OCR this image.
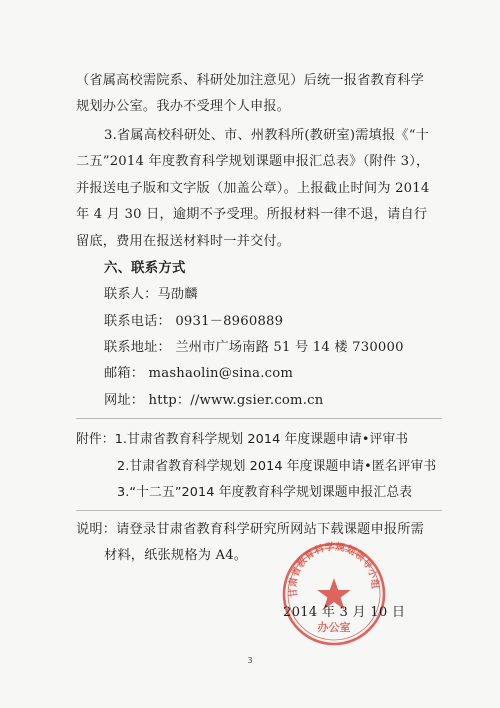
（省属高校需院系、科研处加注意见）后统一报省教育科学
规划办公室。我办不受理个人申报。
3.省属高校科研处、市、州教科所(教研室)需填报《“十
二五”2014 年度教育科学规划课题申报汇总表》（附件 3），
并报送电子版和文字版（加盖公章）。上报截止时间为 2014
年 4 月 30 日，逾期不予受理。所报材料一律不退，请自行
留底，费用在报送材料时一并交付。
六、联系方式
联系人：马劭麟
联系电话： 0931－8960889
联系地址： 兰州市广场南路 51 号 14 楼 730000
邮箱： mashaolin@sina.com
网址： http：//www.gsier.com.cn
附件：1.甘肃省教育科学规划 2014 年度课题申请•评审书
2.甘肃省教育科学规划 2014 年度课题申请•匿名评审书
3.“十二五”2014 年度教育科学规划课题申报汇总表
说明：请登录甘肃省教育科学研究所网站下载课题申报所需
材料，纸张规格为 A4。
甘肃省教育科学规划领导小组
办公室
2014 年 3 月 10 日
3
